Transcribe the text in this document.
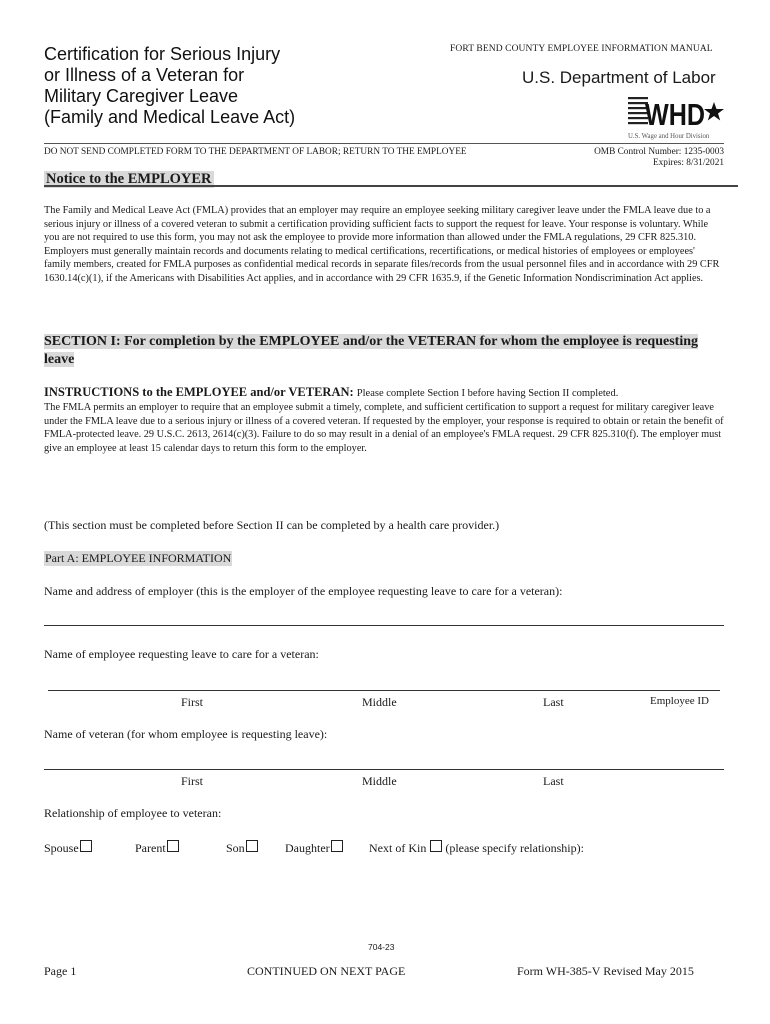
Certification for Serious Injury
or Illness of a Veteran for
Military Caregiver Leave
(Family and Medical Leave Act)
FORT BEND COUNTY EMPLOYEE INFORMATION MANUAL
U.S. Department of Labor
WHD
U.S. Wage and Hour Division
DO NOT SEND COMPLETED FORM TO THE DEPARTMENT OF LABOR; RETURN TO THE EMPLOYEE	OMB Control Number: 1235-0003
Expires: 8/31/2021
Notice to the EMPLOYER
The Family and Medical Leave Act (FMLA) provides that an employer may require an employee seeking military caregiver leave under the FMLA leave due to a serious injury or illness of a covered veteran to submit a certification providing sufficient facts to support the request for leave. Your response is voluntary. While you are not required to use this form, you may not ask the employee to provide more information than allowed under the FMLA regulations, 29 CFR 825.310. Employers must generally maintain records and documents relating to medical certifications, recertifications, or medical histories of employees or employees' family members, created for FMLA purposes as confidential medical records in separate files/records from the usual personnel files and in accordance with 29 CFR 1630.14(c)(1), if the Americans with Disabilities Act applies, and in accordance with 29 CFR 1635.9, if the Genetic Information Nondiscrimination Act applies.
SECTION I: For completion by the EMPLOYEE and/or the VETERAN for whom the employee is requesting leave
INSTRUCTIONS to the EMPLOYEE and/or VETERAN: Please complete Section I before having Section II completed.
The FMLA permits an employer to require that an employee submit a timely, complete, and sufficient certification to support a request for military caregiver leave under the FMLA leave due to a serious injury or illness of a covered veteran. If requested by the employer, your response is required to obtain or retain the benefit of FMLA-protected leave. 29 U.S.C. 2613, 2614(c)(3). Failure to do so may result in a denial of an employee's FMLA request. 29 CFR 825.310(f). The employer must give an employee at least 15 calendar days to return this form to the employer.
(This section must be completed before Section II can be completed by a health care provider.)
Part A: EMPLOYEE INFORMATION
Name and address of employer (this is the employer of the employee requesting leave to care for a veteran):
Name of employee requesting leave to care for a veteran:
First	Middle	Last	Employee ID
Name of veteran (for whom employee is requesting leave):
First	Middle	Last
Relationship of employee to veteran:
Spouse	Parent	Son	Daughter	Next of Kin (please specify relationship):
704-23
Page 1	CONTINUED ON NEXT PAGE	Form WH-385-V Revised May 2015
